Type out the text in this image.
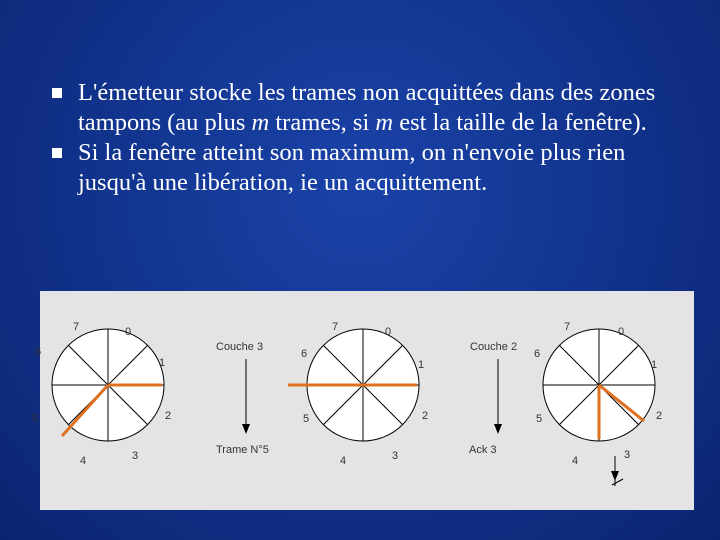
L'émetteur stocke les trames non acquittées dans des zones tampons (au plus m trames, si m est la taille de la fenêtre).

Si la fenêtre atteint son maximum, on n'envoie plus rien jusqu'à une libération, ie un acquittement.

7	0
1
2
3
4
5
6	Couche 3
Trame N°5
7	0
1
2
3
4
5
6
Couche 2
Ack 3
7	0
1
2
3
4
5
6
